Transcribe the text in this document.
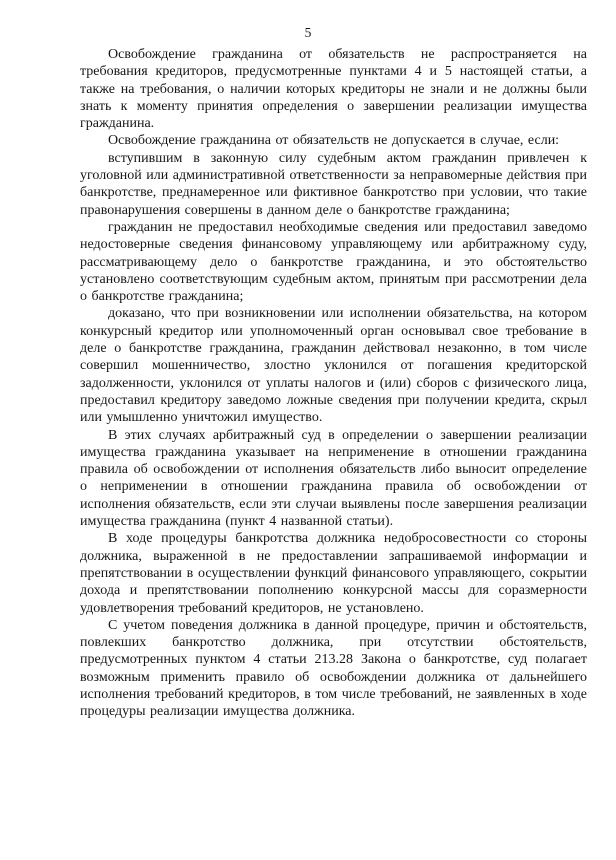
5

Освобождение гражданина от обязательств не распространяется на требования кредиторов, предусмотренные пунктами 4 и 5 настоящей статьи, а также на требования, о наличии которых кредиторы не знали и не должны были знать к моменту принятия определения о завершении реализации имущества гражданина.

Освобождение гражданина от обязательств не допускается в случае, если:

вступившим в законную силу судебным актом гражданин привлечен к уголовной или административной ответственности за неправомерные действия при банкротстве, преднамеренное или фиктивное банкротство при условии, что такие правонарушения совершены в данном деле о банкротстве гражданина;

гражданин не предоставил необходимые сведения или предоставил заведомо недостоверные сведения финансовому управляющему или арбитражному суду, рассматривающему дело о банкротстве гражданина, и это обстоятельство установлено соответствующим судебным актом, принятым при рассмотрении дела о банкротстве гражданина;

доказано, что при возникновении или исполнении обязательства, на котором конкурсный кредитор или уполномоченный орган основывал свое требование в деле о банкротстве гражданина, гражданин действовал незаконно, в том числе совершил мошенничество, злостно уклонился от погашения кредиторской задолженности, уклонился от уплаты налогов и (или) сборов с физического лица, предоставил кредитору заведомо ложные сведения при получении кредита, скрыл или умышленно уничтожил имущество.

В этих случаях арбитражный суд в определении о завершении реализации имущества гражданина указывает на неприменение в отношении гражданина правила об освобождении от исполнения обязательств либо выносит определение о неприменении в отношении гражданина правила об освобождении от исполнения обязательств, если эти случаи выявлены после завершения реализации имущества гражданина (пункт 4 названной статьи).

В ходе процедуры банкротства должника недобросовестности со стороны должника, выраженной в не предоставлении запрашиваемой информации и препятствовании в осуществлении функций финансового управляющего, сокрытии дохода и препятствовании пополнению конкурсной массы для соразмерности удовлетворения требований кредиторов, не установлено.

С учетом поведения должника в данной процедуре, причин и обстоятельств, повлекших банкротство должника, при отсутствии обстоятельств, предусмотренных пунктом 4 статьи 213.28 Закона о банкротстве, суд полагает возможным применить правило об освобождении должника от дальнейшего исполнения требований кредиторов, в том числе требований, не заявленных в ходе процедуры реализации имущества должника.
